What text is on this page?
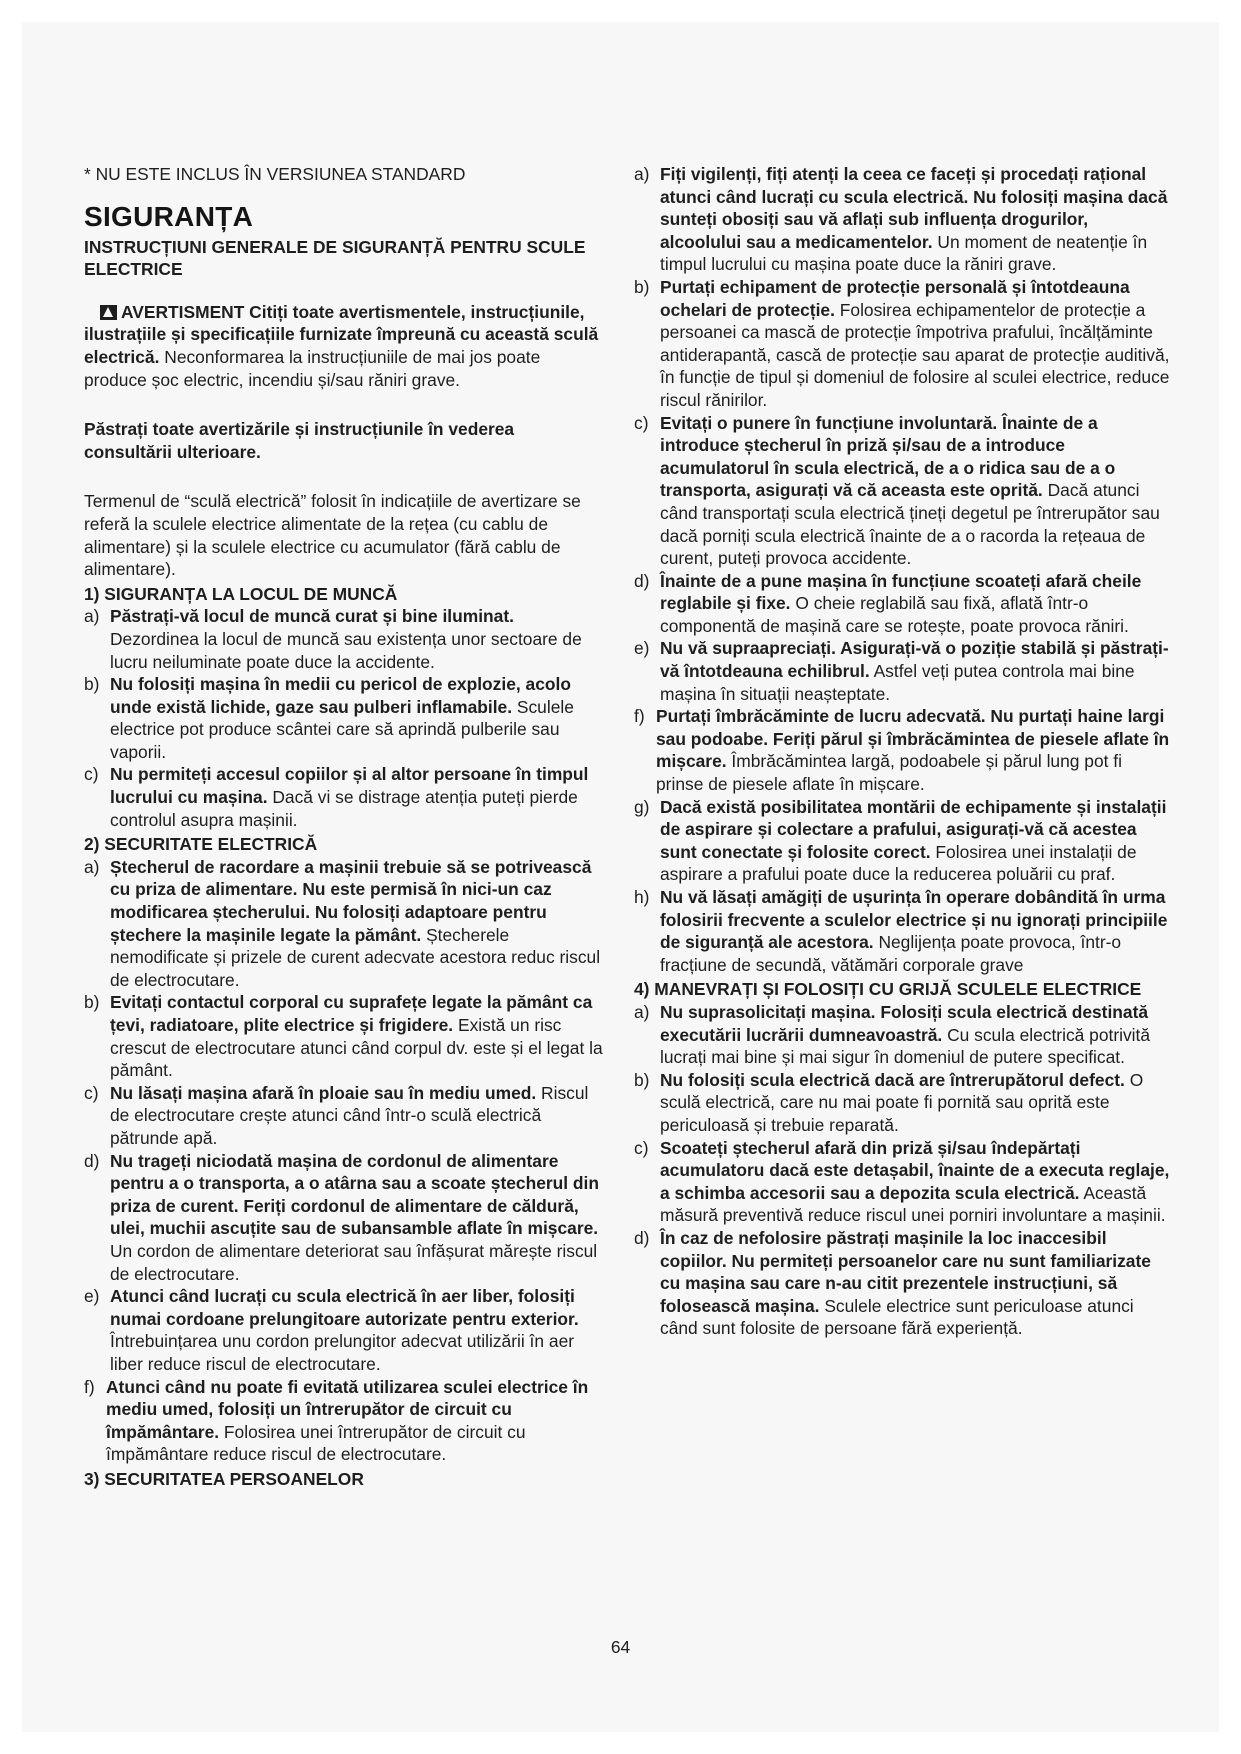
* NU ESTE INCLUS ÎN VERSIUNEA STANDARD

SIGURANȚA
INSTRUCȚIUNI GENERALE DE SIGURANȚĂ PENTRU SCULE ELECTRICE

AVERTISMENT Citiți toate avertismentele, instrucțiunile, ilustrațiile și specificațiile furnizate împreună cu această sculă electrică. Neconformarea la instrucțiuniile de mai jos poate produce șoc electric, incendiu și/sau răniri grave.

Păstrați toate avertizările și instrucțiunile în vederea consultării ulterioare.

Termenul de “sculă electrică” folosit în indicațiile de avertizare se referă la sculele electrice alimentate de la rețea (cu cablu de alimentare) și la sculele electrice cu acumulator (fără cablu de alimentare).

1) SIGURANȚA LA LOCUL DE MUNCĂ

a) Păstrați-vă locul de muncă curat și bine iluminat. Dezordinea la locul de muncă sau existența unor sectoare de lucru neiluminate poate duce la accidente.
b) Nu folosiți mașina în medii cu pericol de explozie, acolo unde există lichide, gaze sau pulberi inflamabile. Sculele electrice pot produce scântei care să aprindă pulberile sau vaporii.
c) Nu permiteți accesul copiilor și al altor persoane în timpul lucrului cu mașina. Dacă vi se distrage atenția puteți pierde controlul asupra mașinii.

2) SECURITATE ELECTRICĂ

a) Ștecherul de racordare a mașinii trebuie să se potrivească cu priza de alimentare. Nu este permisă în nici-un caz modificarea ștecherului. Nu folosiți adaptoare pentru ștechere la mașinile legate la pământ. Ștecherele nemodificate și prizele de curent adecvate acestora reduc riscul de electrocutare.
b) Evitați contactul corporal cu suprafețe legate la pământ ca țevi, radiatoare, plite electrice și frigidere. Există un risc crescut de electrocutare atunci când corpul dv. este și el legat la pământ.
c) Nu lăsați mașina afară în ploaie sau în mediu umed. Riscul de electrocutare crește atunci când într-o sculă electrică pătrunde apă.
d) Nu trageți niciodată mașina de cordonul de alimentare pentru a o transporta, a o atârna sau a scoate ștecherul din priza de curent. Feriți cordonul de alimentare de căldură, ulei, muchii ascuțite sau de subansamble aflate în mișcare. Un cordon de alimentare deteriorat sau înfășurat mărește riscul de electrocutare.
e) Atunci când lucrați cu scula electrică în aer liber, folosiți numai cordoane prelungitoare autorizate pentru exterior. Întrebuințarea unu cordon prelungitor adecvat utilizării în aer liber reduce riscul de electrocutare.
f) Atunci când nu poate fi evitată utilizarea sculei electrice în mediu umed, folosiți un întrerupător de circuit cu împământare. Folosirea unei întrerupător de circuit cu împământare reduce riscul de electrocutare.

3) SECURITATEA PERSOANELOR

a) Fiți vigilenți, fiți atenți la ceea ce faceți și procedați rațional atunci când lucrați cu scula electrică. Nu folosiți mașina dacă sunteți obosiți sau vă aflați sub influența drogurilor, alcoolului sau a medicamentelor. Un moment de neatenție în timpul lucrului cu mașina poate duce la răniri grave.
b) Purtați echipament de protecție personală și întotdeauna ochelari de protecție. Folosirea echipamentelor de protecție a persoanei ca mască de protecție împotriva prafului, încălțăminte antiderapantă, cască de protecție sau aparat de protecție auditivă, în funcție de tipul și domeniul de folosire al sculei electrice, reduce riscul rănirilor.
c) Evitați o punere în funcțiune involuntară. Înainte de a introduce ștecherul în priză și/sau de a introduce acumulatorul în scula electrică, de a o ridica sau de a o transporta, asigurați vă că aceasta este oprită. Dacă atunci când transportați scula electrică țineți degetul pe întrerupător sau dacă porniți scula electrică înainte de a o racorda la rețeaua de curent, puteți provoca accidente.
d) Înainte de a pune mașina în funcțiune scoateți afară cheile reglabile și fixe. O cheie reglabilă sau fixă, aflată într-o componentă de mașină care se rotește, poate provoca răniri.
e) Nu vă supraapreciați. Asigurați-vă o poziție stabilă și păstrați-vă întotdeauna echilibrul. Astfel veți putea controla mai bine mașina în situații neașteptate.
f) Purtați îmbrăcăminte de lucru adecvată. Nu purtați haine largi sau podoabe. Feriți părul și îmbrăcămintea de piesele aflate în mișcare. Îmbrăcămintea largă, podoabele și părul lung pot fi prinse de piesele aflate în mișcare.
g) Dacă există posibilitatea montării de echipamente și instalații de aspirare și colectare a prafului, asigurați-vă că acestea sunt conectate și folosite corect. Folosirea unei instalații de aspirare a prafului poate duce la reducerea poluării cu praf.
h) Nu vă lăsați amăgiți de ușurința în operare dobândită în urma folosirii frecvente a sculelor electrice și nu ignorați principiile de siguranță ale acestora. Neglijența poate provoca, într-o fracțiune de secundă, vătămări corporale grave

4) MANEVRAȚI ȘI FOLOSIȚI CU GRIJĂ SCULELE ELECTRICE

a) Nu suprasolicitați mașina. Folosiți scula electrică destinată executării lucrării dumneavoastră. Cu scula electrică potrivită lucrați mai bine și mai sigur în domeniul de putere specificat.
b) Nu folosiți scula electrică dacă are întrerupătorul defect. O sculă electrică, care nu mai poate fi pornită sau oprită este periculoasă și trebuie reparată.
c) Scoateți ștecherul afară din priză și/sau îndepărtați acumulatoru dacă este detașabil, înainte de a executa reglaje, a schimba accesorii sau a depozita scula electrică. Această măsură preventivă reduce riscul unei porniri involuntare a mașinii.
d) În caz de nefolosire păstrați mașinile la loc inaccesibil copiilor. Nu permiteți persoanelor care nu sunt familiarizate cu mașina sau care n-au citit prezentele instrucțiuni, să folosească mașina. Sculele electrice sunt periculoase atunci când sunt folosite de persoane fără experiență.
64
